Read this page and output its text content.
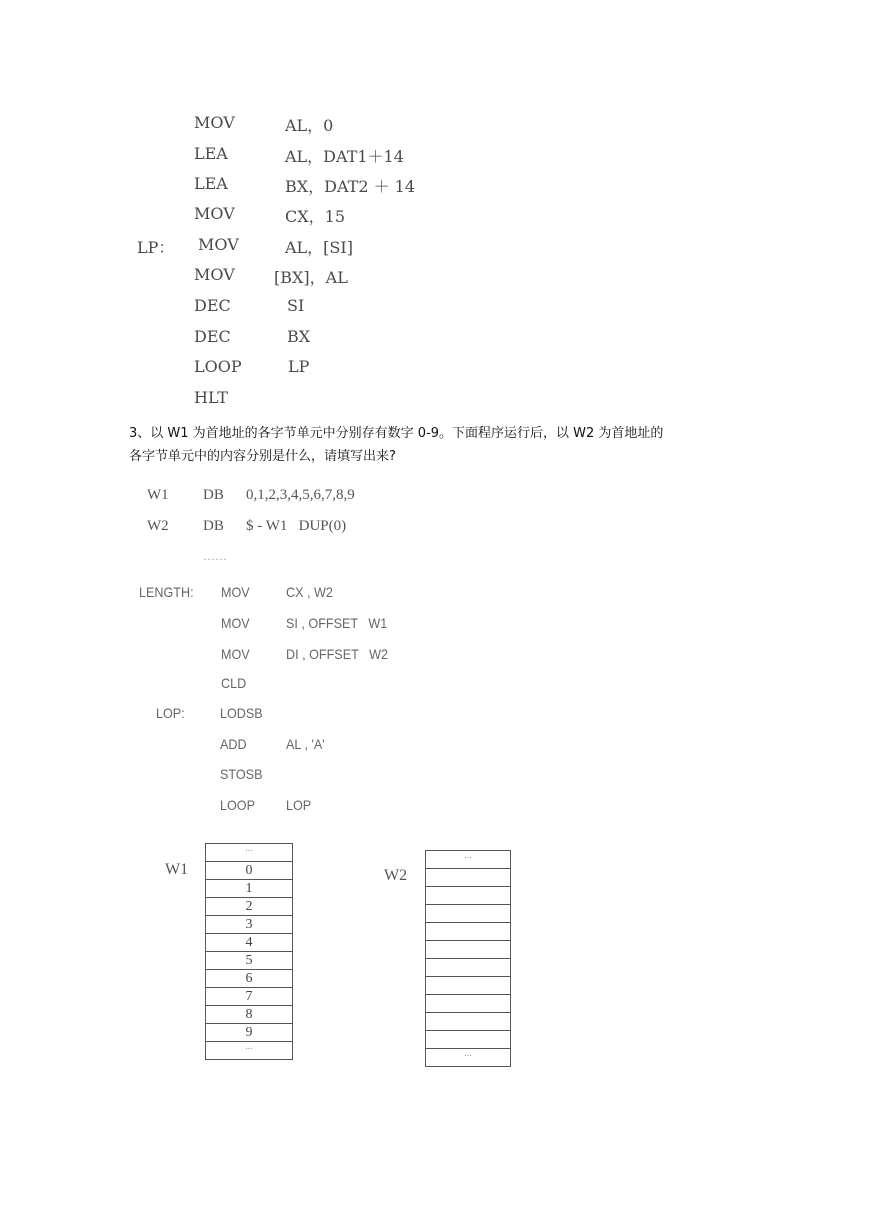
MOV	AL，0
LEA	AL，DAT1＋14
LEA	BX，DAT2 ＋ 14
MOV	CX，15
LP： MOV	AL，[SI]
MOV [BX]，AL
DEC	SI
DEC	BX
LOOP	LP
HLT
3、以 W1 为首地址的各字节单元中分别存有数字 0-9。下面程序运行后，以 W2 为首地址的
各字节单元中的内容分别是什么，请填写出来?
W1 DB 0,1,2,3,4,5,6,7,8,9
W2 DB $ - W1   DUP(0)
……
LENGTH: MOV	CX , W2
MOV	SI , OFFSET   W1
MOV	DI , OFFSET   W2
CLD
LOP:	LODSB
ADD	AL , 'A'
STOSB
LOOP LOP
W1
...
0
1
2
3
4
5
6
7
8
9
...
W2
...
...
